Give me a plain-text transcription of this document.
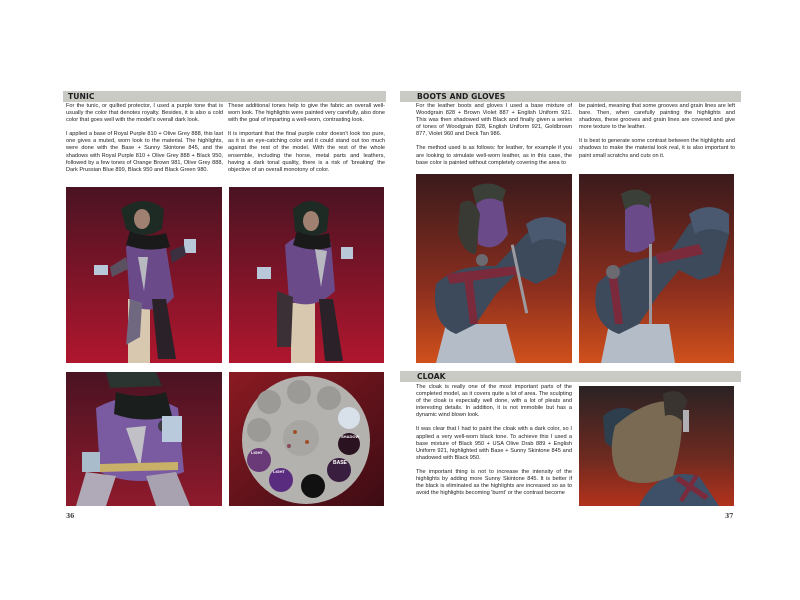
TUNIC

For the tunic, or quilted protector, I used a purple tone that is usually the color that denotes royalty. Besides, it is also a cold color that goes well with the model's overall dark look.

I applied a base of Royal Purple 810 + Olive Grey 888, this last one gives a muted, worn look to the material. The highlights, were done with the Base + Sunny Skintone 845, and the shadows with Royal Purple 810 + Olive Grey 888 + Black 950, followed by a few tones of Orange Brown 981, Olive Grey 888, Dark Prussian Blue 899, Black 950 and Black Green 980.

These additional tones help to give the fabric an overall well-worn look. The highlights were painted very carefully, also done with the goal of imparting a well-worn, contrasting look.

It is important that the final purple color doesn't look too pure, as it is an eye-catching color and it could stand out too much against the rest of the model. With the rest of the whole ensemble, including the horse, metal parts and leathers, having a dark tonal quality, there is a risk of 'breaking' the objective of an overall monotony of color.

LIGHT
LIGHT
SHADOW
BASE
36
BOOTS AND GLOVES

For the leather boots and gloves I used a base mixture of Woodgrain 828 + Brown Violet 887 + English Uniform 921. This was then shadowed with Black and finally given a series of tones of Woodgrain 828, English Uniform 921, Goldbrown 877, Violet 960 and Deck Tan 986.

The method used is as follows: for leather, for example if you are looking to simulate well-worn leather, as in this case, the base color is painted without completely covering the area to

be painted, meaning that some grooves and grain lines are left bare. Then, when carefully painting the highlights and shadows, these grooves and grain lines are covered and give more texture to the leather.

It is best to generate some contrast between the highlights and shadows to make the material look real, it is also important to paint small scratchs and cuts on it.

CLOAK

The cloak is really one of the most important parts of the completed model, as it covers quite a lot of area. The sculpting of the cloak is especially well done, with a lot of pleats and interesting details. In addition, it is not immobile but has a dynamic wind blown look.

It was clear that I had to paint the cloak with a dark color, so I applied a very well-worn black tone. To achieve this I used a base mixture of Black 950 + USA Olive Drab 889 + English Uniform 921, highlighted with Base + Sunny Skintone 845 and shadowed with Black 950.

The important thing is not to increase the intensity of the highlights by adding more Sunny Skintone 845. It is better if the black is eliminated as the highlights are increased so as to avoid the highlights becoming 'burnt' or the contrast become

37
